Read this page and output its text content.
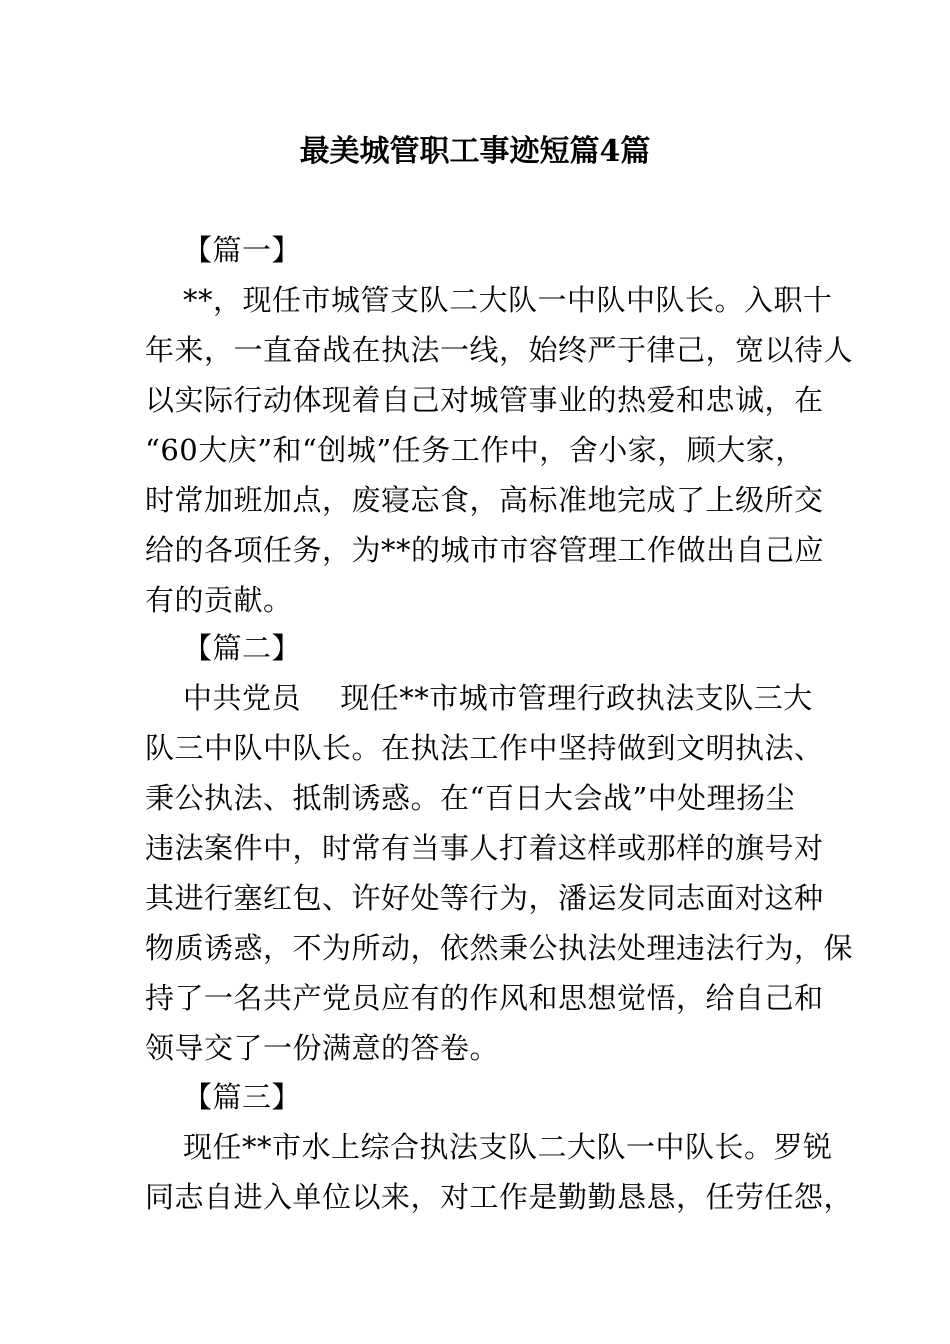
最美城管职工事迹短篇4篇
【篇一】
**，现任市城管支队二大队一中队中队长。入职十
年来，一直奋战在执法一线，始终严于律己，宽以待人
以实际行动体现着自己对城管事业的热爱和忠诚，在
“60大庆”和“创城”任务工作中，舍小家，顾大家，
时常加班加点，废寝忘食，高标准地完成了上级所交
给的各项任务，为**的城市市容管理工作做出自己应
有的贡献。
【篇二】
中共党员　 现任**市城市管理行政执法支队三大
队三中队中队长。在执法工作中坚持做到文明执法、
秉公执法、抵制诱惑。在“百日大会战”中处理扬尘
违法案件中，时常有当事人打着这样或那样的旗号对
其进行塞红包、许好处等行为，潘运发同志面对这种
物质诱惑，不为所动，依然秉公执法处理违法行为，保
持了一名共产党员应有的作风和思想觉悟，给自己和
领导交了一份满意的答卷。
【篇三】
现任**市水上综合执法支队二大队一中队长。罗锐
同志自进入单位以来，对工作是勤勤恳恳，任劳任怨，
